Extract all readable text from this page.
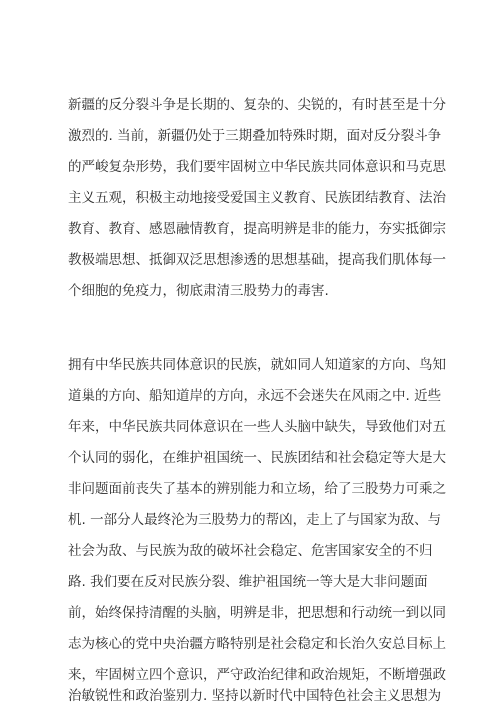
新疆的反分裂斗争是长期的、复杂的、尖锐的，有时甚至是十分
激烈的. 当前，新疆仍处于三期叠加特殊时期，面对反分裂斗争
的严峻复杂形势，我们要牢固树立中华民族共同体意识和马克思
主义五观，积极主动地接受爱国主义教育、民族团结教育、法治
教育、教育、感恩融情教育，提高明辨是非的能力，夯实抵御宗
教极端思想、抵御双泛思想渗透的思想基础，提高我们肌体每一
个细胞的免疫力，彻底肃清三股势力的毒害.
拥有中华民族共同体意识的民族，就如同人知道家的方向、鸟知
道巢的方向、船知道岸的方向，永远不会迷失在风雨之中. 近些
年来，中华民族共同体意识在一些人头脑中缺失，导致他们对五
个认同的弱化，在维护祖国统一、民族团结和社会稳定等大是大
非问题面前丧失了基本的辨别能力和立场，给了三股势力可乘之
机. 一部分人最终沦为三股势力的帮凶，走上了与国家为敌、与
社会为敌、与民族为敌的破坏社会稳定、危害国家安全的不归
路. 我们要在反对民族分裂、维护祖国统一等大是大非问题面
前，始终保持清醒的头脑，明辨是非，把思想和行动统一到以同
志为核心的党中央治疆方略特别是社会稳定和长治久安总目标上
来，牢固树立四个意识，严守政治纪律和政治规矩，不断增强政
治敏锐性和政治鉴别力. 坚持以新时代中国特色社会主义思想为
